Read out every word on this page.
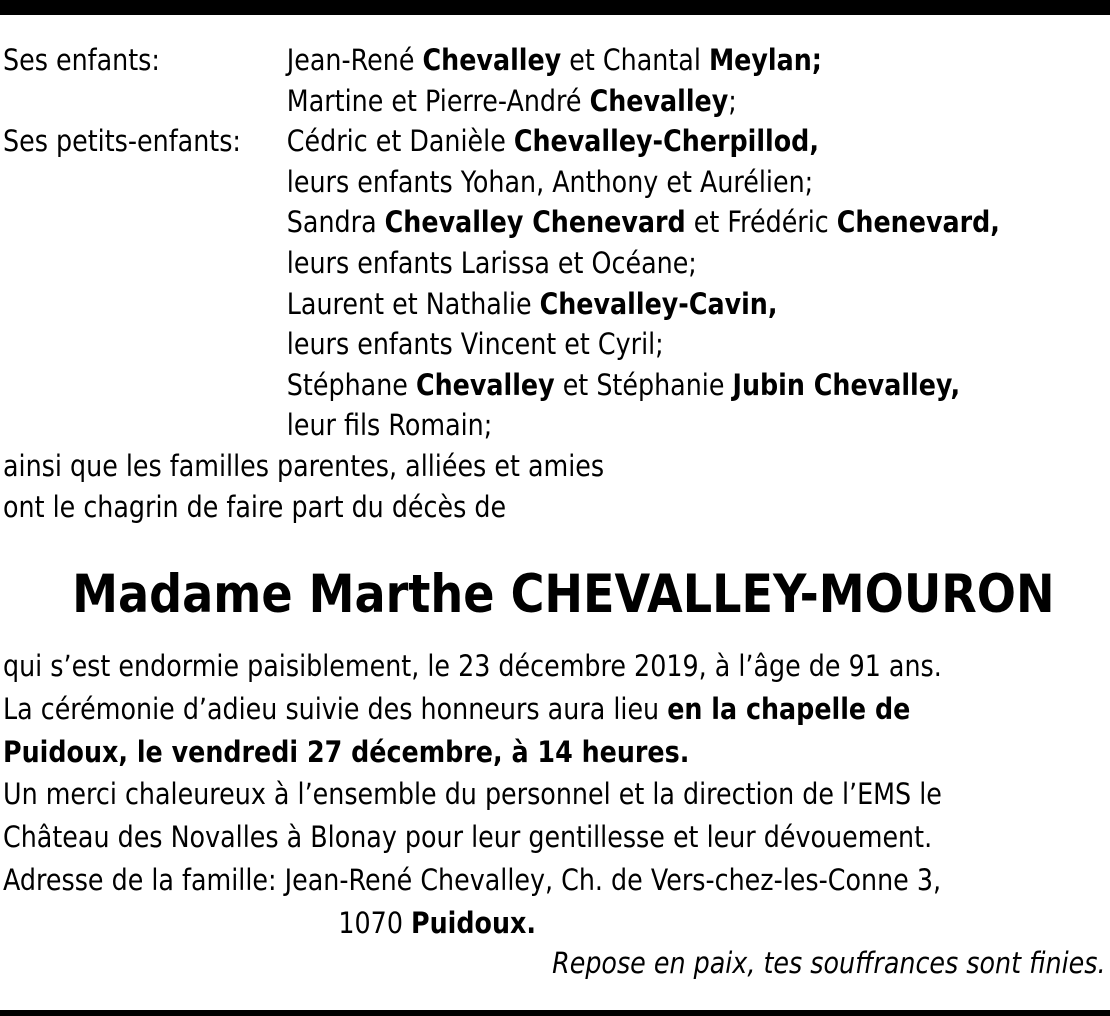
Ses enfants:	Jean-René Chevalley et Chantal Meylan;
Martine et Pierre-André Chevalley;
Ses petits-enfants:	Cédric et Danièle Chevalley-Cherpillod,
leurs enfants Yohan, Anthony et Aurélien;
Sandra Chevalley Chenevard et Frédéric Chenevard,
leurs enfants Larissa et Océane;
Laurent et Nathalie Chevalley-Cavin,
leurs enfants Vincent et Cyril;
Stéphane Chevalley et Stéphanie Jubin Chevalley,
leur fils Romain;
ainsi que les familles parentes, alliées et amies
ont le chagrin de faire part du décès de
Madame Marthe CHEVALLEY-MOURON
qui s’est endormie paisiblement, le 23 décembre 2019, à l’âge de 91 ans.
La cérémonie d’adieu suivie des honneurs aura lieu en la chapelle de
Puidoux, le vendredi 27 décembre, à 14 heures.
Un merci chaleureux à l’ensemble du personnel et la direction de l’EMS le
Château des Novalles à Blonay pour leur gentillesse et leur dévouement.
Adresse de la famille: Jean-René Chevalley, Ch. de Vers-chez-les-Conne 3,
1070 Puidoux.
Repose en paix, tes souffrances sont finies.
